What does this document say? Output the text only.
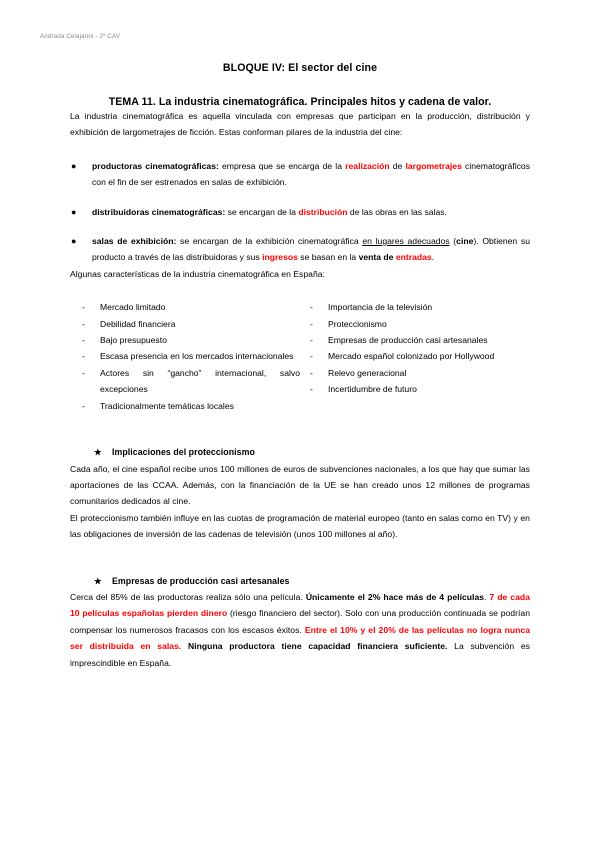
Andrada Celajanni - 2º CAV
BLOQUE IV: El sector del cine
TEMA 11. La industria cinematográfica. Principales hitos y cadena de valor.

La industria cinematográfica es aquella vinculada con empresas que participan en la producción, distribución y exhibición de largometrajes de ficción. Estas conforman pilares de la industria del cine:

● productoras cinematográficas: empresa que se encarga de la realización de largometrajes cinematográficos con el fin de ser estrenados en salas de exhibición.
● distribuidoras cinematográficas: se encargan de la distribución de las obras en las salas.
● salas de exhibición: se encargan de la exhibición cinematográfica en lugares adecuados (cine). Obtienen su producto a través de las distribuidoras y sus ingresos se basan en la venta de entradas.

Algunas características de la industria cinematográfica en España:

- Mercado limitado
- Debilidad financiera
- Bajo presupuesto
- Escasa presencia en los mercados internacionales
- Actores sin “gancho” internacional, salvo excepciones
- Tradicionalmente temáticas locales
- Importancia de la televisión
- Proteccionismo
- Empresas de producción casi artesanales
- Mercado español colonizado por Hollywood
- Relevo generacional
- Incertidumbre de futuro
★ Implicaciones del proteccionismo

Cada año, el cine español recibe unos 100 millones de euros de subvenciones nacionales, a los que hay que sumar las aportaciones de las CCAA. Además, con la financiación de la UE se han creado unos 12 millones de programas comunitarios dedicados al cine.

El proteccionismo también influye en las cuotas de programación de material europeo (tanto en salas como en TV) y en las obligaciones de inversión de las cadenas de televisión (unos 100 millones al año).

★ Empresas de producción casi artesanales

Cerca del 85% de las productoras realiza sólo una película. Únicamente el 2% hace más de 4 películas. 7 de cada 10 películas españolas pierden dinero (riesgo financiero del sector). Solo con una producción continuada se podrían compensar los numerosos fracasos con los escasos éxitos. Entre el 10% y el 20% de las películas no logra nunca ser distribuida en salas. Ninguna productora tiene capacidad financiera suficiente. La subvención es imprescindible en España.
